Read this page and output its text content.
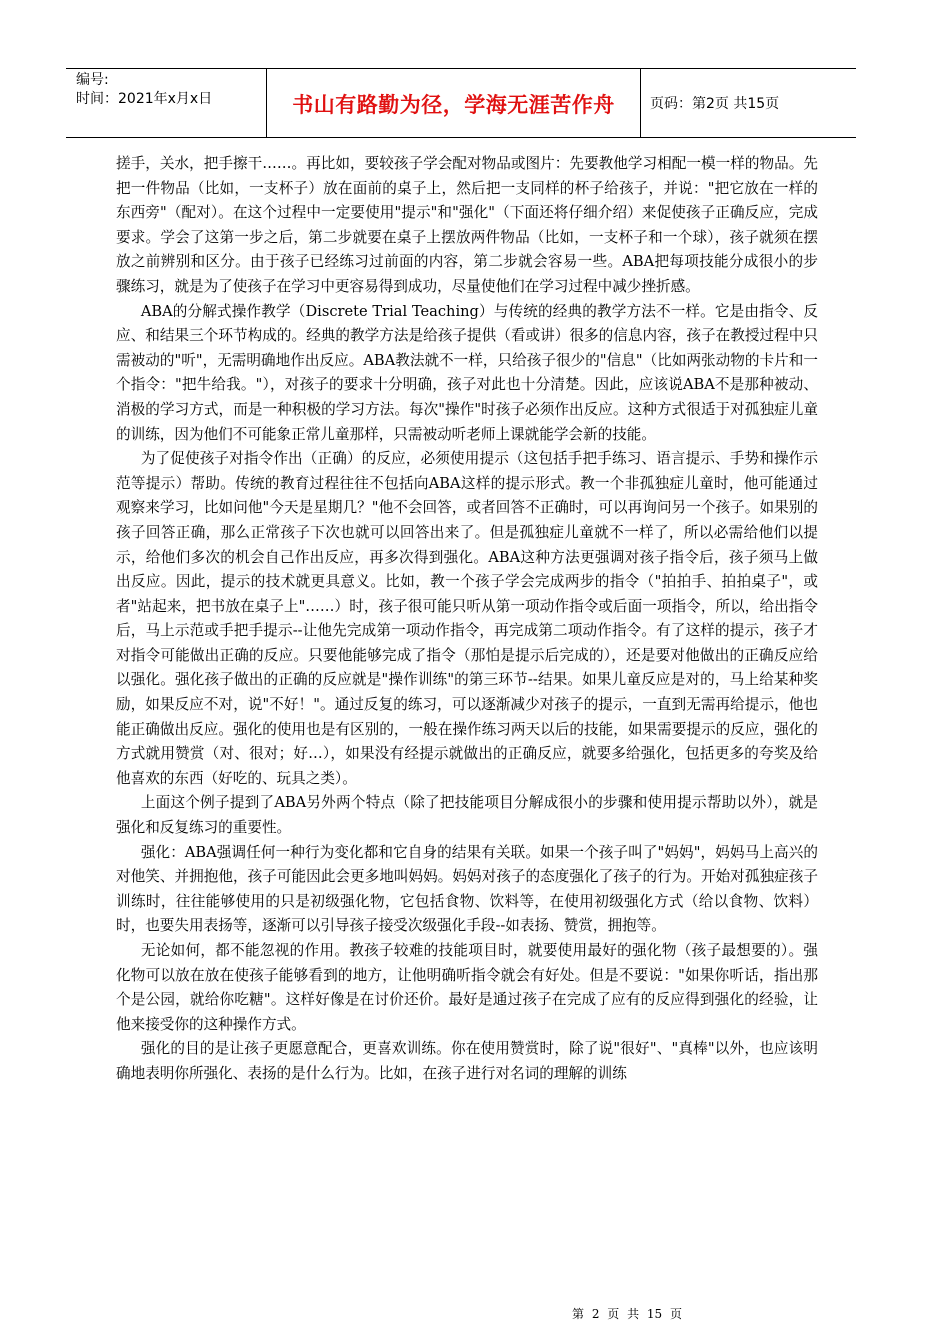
编号:
时间：2021年x月x日	书山有路勤为径，学海无涯苦作舟	页码：第2页 共15页

搓手，关水，把手擦干……。再比如，要较孩子学会配对物品或图片：先要教他学习相配一模一样的物品。先把一件物品（比如，一支杯子）放在面前的桌子上，然后把一支同样的杯子给孩子，并说："把它放在一样的东西旁"（配对）。在这个过程中一定要使用"提示"和"强化"（下面还将仔细介绍）来促使孩子正确反应，完成要求。学会了这第一步之后，第二步就要在桌子上摆放两件物品（比如，一支杯子和一个球），孩子就须在摆放之前辨别和区分。由于孩子已经练习过前面的内容，第二步就会容易一些。ABA把每项技能分成很小的步骤练习，就是为了使孩子在学习中更容易得到成功，尽量使他们在学习过程中减少挫折感。

ABA的分解式操作教学（Discrete Trial Teaching）与传统的经典的教学方法不一样。它是由指令、反应、和结果三个环节构成的。经典的教学方法是给孩子提供（看或讲）很多的信息内容，孩子在教授过程中只需被动的"听"，无需明确地作出反应。ABA教法就不一样，只给孩子很少的"信息"（比如两张动物的卡片和一个指令："把牛给我。"），对孩子的要求十分明确，孩子对此也十分清楚。因此，应该说ABA不是那种被动、消极的学习方式，而是一种积极的学习方法。每次"操作"时孩子必须作出反应。这种方式很适于对孤独症儿童的训练，因为他们不可能象正常儿童那样，只需被动听老师上课就能学会新的技能。

为了促使孩子对指令作出（正确）的反应，必须使用提示（这包括手把手练习、语言提示、手势和操作示范等提示）帮助。传统的教育过程往往不包括向ABA这样的提示形式。教一个非孤独症儿童时，他可能通过观察来学习，比如问他"今天是星期几？"他不会回答，或者回答不正确时，可以再询问另一个孩子。如果别的孩子回答正确，那么正常孩子下次也就可以回答出来了。但是孤独症儿童就不一样了，所以必需给他们以提示，给他们多次的机会自己作出反应，再多次得到强化。ABA这种方法更强调对孩子指令后，孩子须马上做出反应。因此，提示的技术就更具意义。比如，教一个孩子学会完成两步的指令（"拍拍手、拍拍桌子"，或者"站起来，把书放在桌子上"……）时，孩子很可能只听从第一项动作指令或后面一项指令，所以，给出指令后，马上示范或手把手提示--让他先完成第一项动作指令，再完成第二项动作指令。有了这样的提示，孩子才对指令可能做出正确的反应。只要他能够完成了指令（那怕是提示后完成的），还是要对他做出的正确反应给以强化。强化孩子做出的正确的反应就是"操作训练"的第三环节--结果。如果儿童反应是对的，马上给某种奖励，如果反应不对，说"不好！"。通过反复的练习，可以逐渐减少对孩子的提示，一直到无需再给提示，他也能正确做出反应。强化的使用也是有区别的，一般在操作练习两天以后的技能，如果需要提示的反应，强化的方式就用赞赏（对、很对；好…），如果没有经提示就做出的正确反应，就要多给强化，包括更多的夸奖及给他喜欢的东西（好吃的、玩具之类）。

上面这个例子提到了ABA另外两个特点（除了把技能项目分解成很小的步骤和使用提示帮助以外），就是强化和反复练习的重要性。

强化：ABA强调任何一种行为变化都和它自身的结果有关联。如果一个孩子叫了"妈妈"，妈妈马上高兴的对他笑、并拥抱他，孩子可能因此会更多地叫妈妈。妈妈对孩子的态度强化了孩子的行为。开始对孤独症孩子训练时，往往能够使用的只是初级强化物，它包括食物、饮料等，在使用初级强化方式（给以食物、饮料）时，也要失用表扬等，逐渐可以引导孩子接受次级强化手段--如表扬、赞赏，拥抱等。

无论如何，都不能忽视的作用。教孩子较难的技能项目时，就要使用最好的强化物（孩子最想要的）。强化物可以放在放在使孩子能够看到的地方，让他明确听指令就会有好处。但是不要说："如果你听话，指出那个是公园，就给你吃糖"。这样好像是在讨价还价。最好是通过孩子在完成了应有的反应得到强化的经验，让他来接受你的这种操作方式。

强化的目的是让孩子更愿意配合，更喜欢训练。你在使用赞赏时，除了说"很好"、"真棒"以外，也应该明确地表明你所强化、表扬的是什么行为。比如，在孩子进行对名词的理解的训练

第 2 页 共 15 页
